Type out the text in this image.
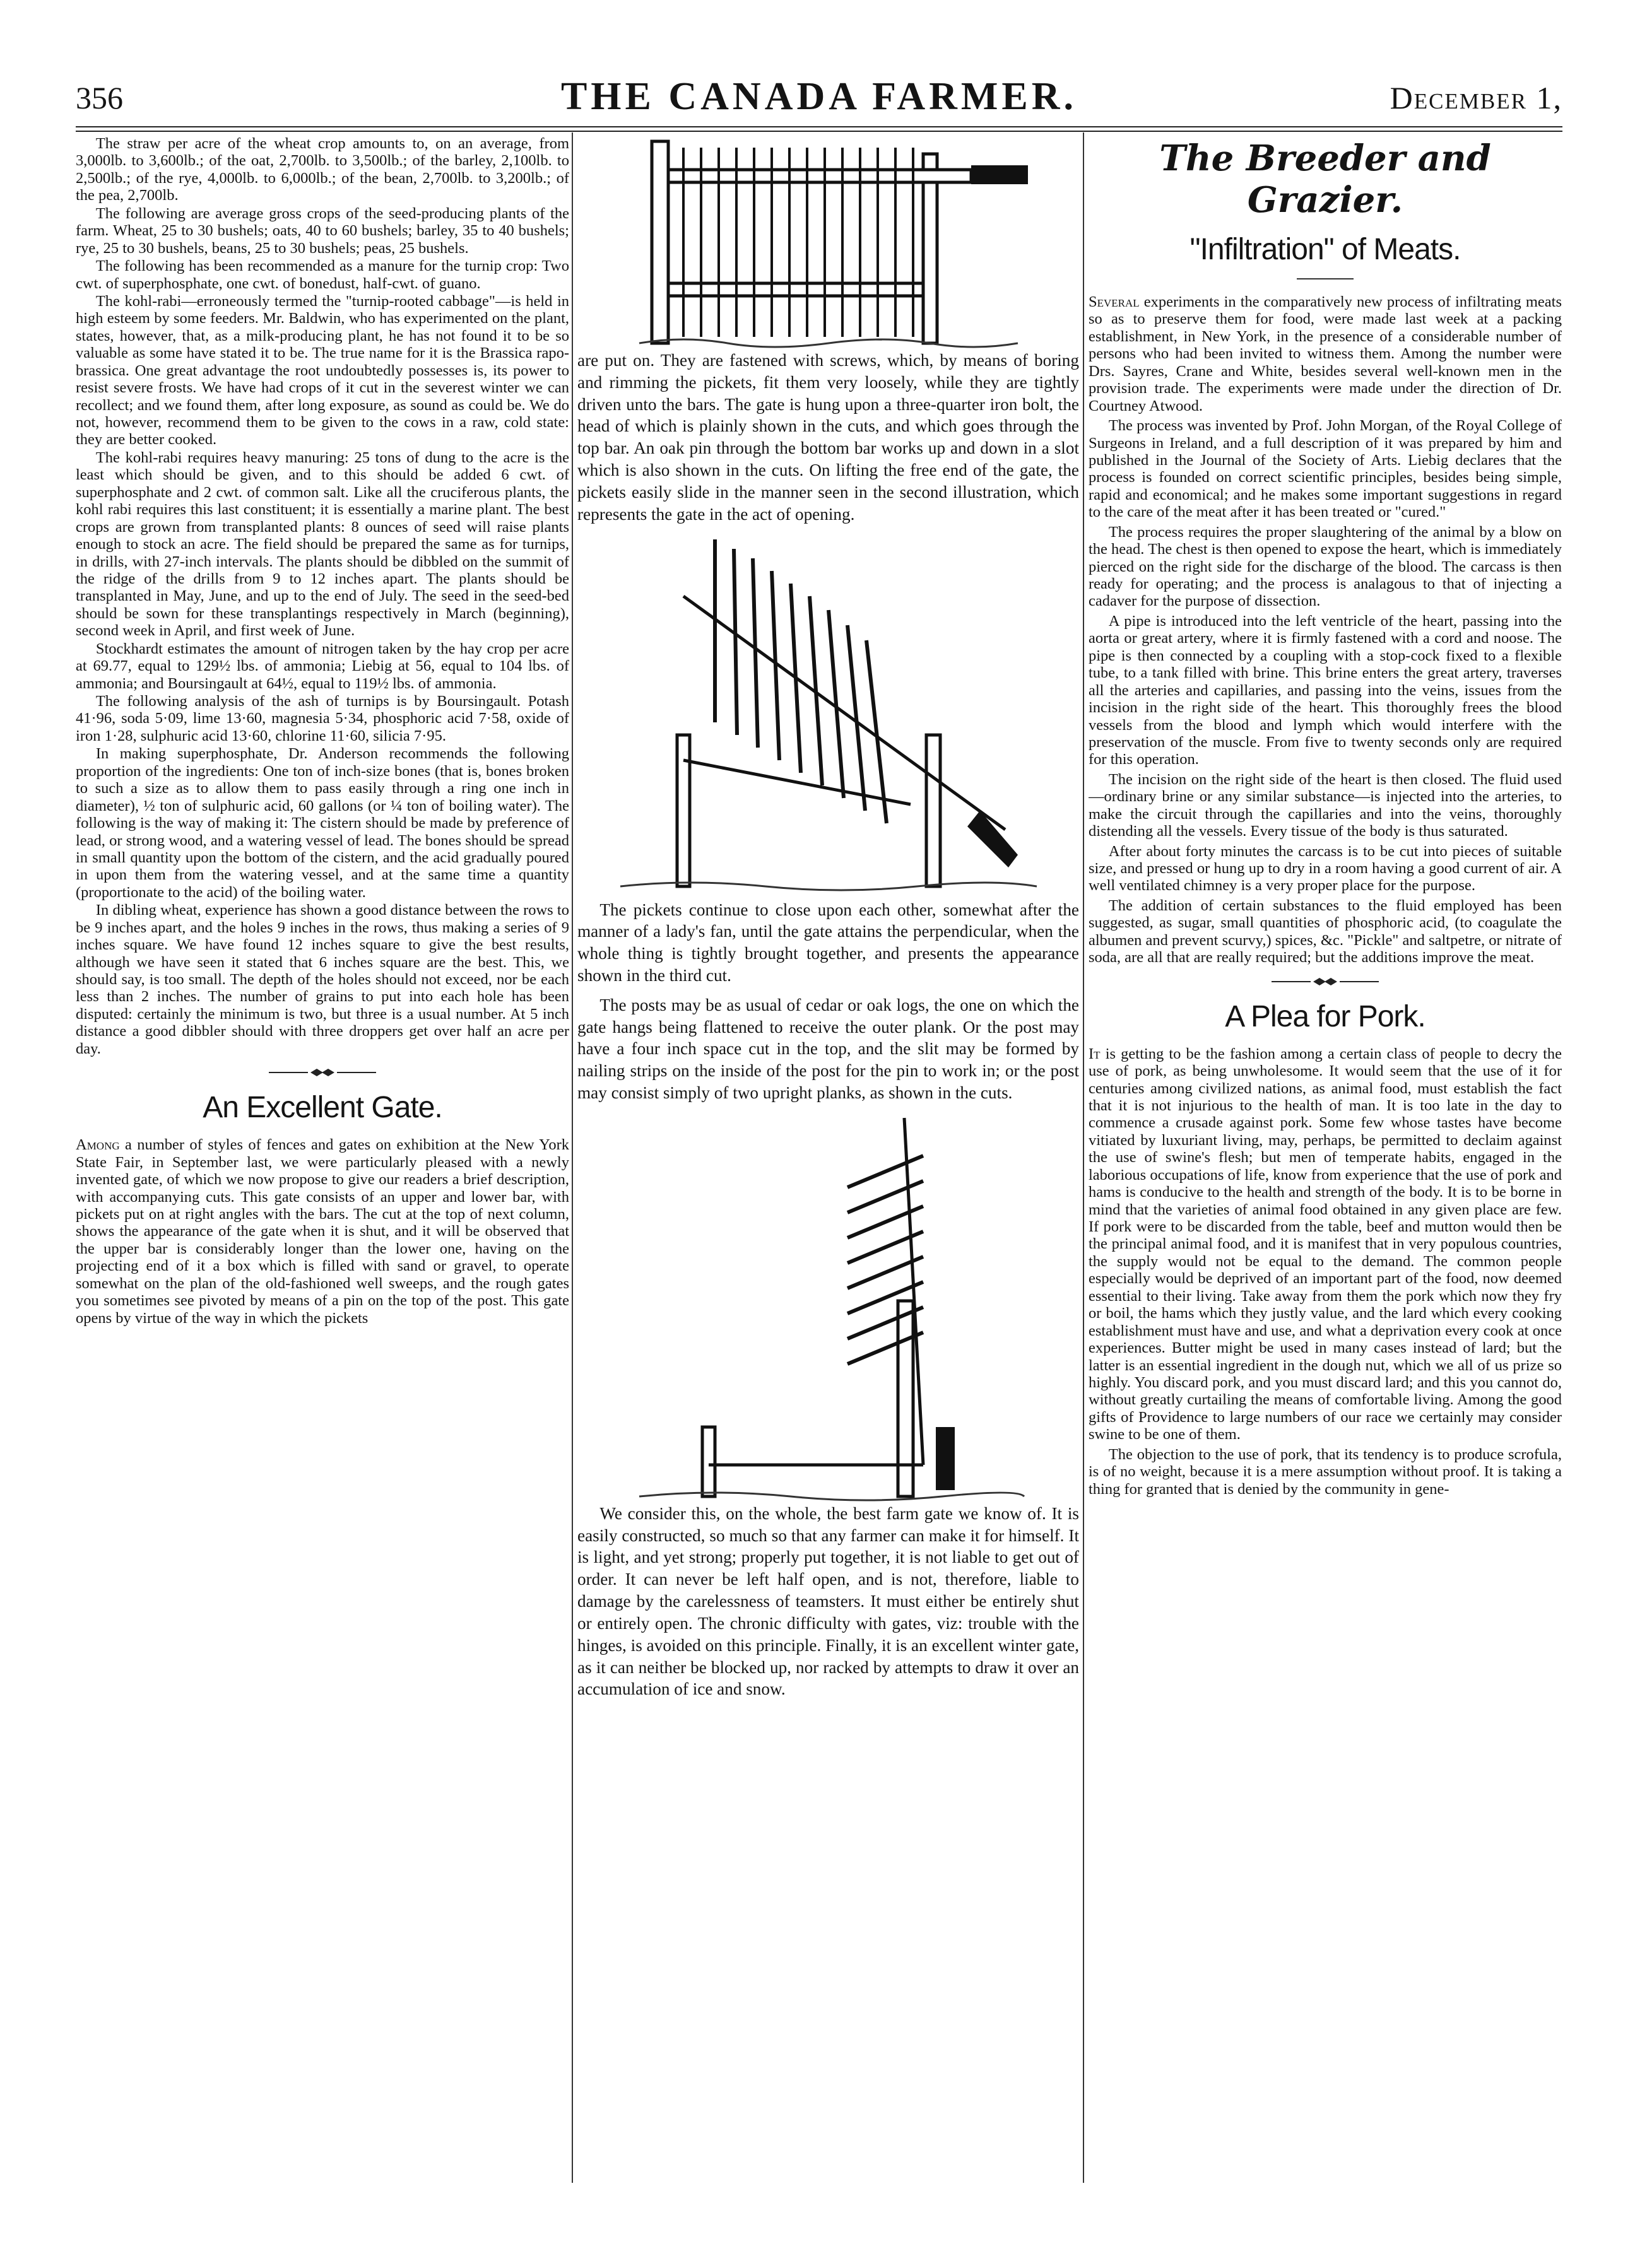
356	THE CANADA FARMER.	December 1,

The straw per acre of the wheat crop amounts to, on an average, from 3,000lb. to 3,600lb.; of the oat, 2,700lb. to 3,500lb.; of the barley, 2,100lb. to 2,500lb.; of the rye, 4,000lb. to 6,000lb.; of the bean, 2,700lb. to 3,200lb.; of the pea, 2,700lb.

The following are average gross crops of the seed-producing plants of the farm. Wheat, 25 to 30 bushels; oats, 40 to 60 bushels; barley, 35 to 40 bushels; rye, 25 to 30 bushels, beans, 25 to 30 bushels; peas, 25 bushels.

The following has been recommended as a manure for the turnip crop: Two cwt. of superphosphate, one cwt. of bonedust, half-cwt. of guano.

The kohl-rabi—erroneously termed the "turnip-rooted cabbage"—is held in high esteem by some feeders. Mr. Baldwin, who has experimented on the plant, states, however, that, as a milk-producing plant, he has not found it to be so valuable as some have stated it to be. The true name for it is the Brassica rapo-brassica. One great advantage the root undoubtedly possesses is, its power to resist severe frosts. We have had crops of it cut in the severest winter we can recollect; and we found them, after long exposure, as sound as could be. We do not, however, recommend them to be given to the cows in a raw, cold state: they are better cooked.

The kohl-rabi requires heavy manuring: 25 tons of dung to the acre is the least which should be given, and to this should be added 6 cwt. of superphosphate and 2 cwt. of common salt. Like all the cruciferous plants, the kohl rabi requires this last constituent; it is essentially a marine plant. The best crops are grown from transplanted plants: 8 ounces of seed will raise plants enough to stock an acre. The field should be prepared the same as for turnips, in drills, with 27-inch intervals. The plants should be dibbled on the summit of the ridge of the drills from 9 to 12 inches apart. The plants should be transplanted in May, June, and up to the end of July. The seed in the seed-bed should be sown for these transplantings respectively in March (beginning), second week in April, and first week of June.

Stockhardt estimates the amount of nitrogen taken by the hay crop per acre at 69.77, equal to 129½ lbs. of ammonia; Liebig at 56, equal to 104 lbs. of ammonia; and Boursingault at 64½, equal to 119½ lbs. of ammonia.

The following analysis of the ash of turnips is by Boursingault. Potash 41·96, soda 5·09, lime 13·60, magnesia 5·34, phosphoric acid 7·58, oxide of iron 1·28, sulphuric acid 13·60, chlorine 11·60, silicia 7·95.

In making superphosphate, Dr. Anderson recommends the following proportion of the ingredients: One ton of inch-size bones (that is, bones broken to such a size as to allow them to pass easily through a ring one inch in diameter), ½ ton of sulphuric acid, 60 gallons (or ¼ ton of boiling water). The following is the way of making it: The cistern should be made by preference of lead, or strong wood, and a watering vessel of lead. The bones should be spread in small quantity upon the bottom of the cistern, and the acid gradually poured in upon them from the watering vessel, and at the same time a quantity (proportionate to the acid) of the boiling water.

In dibling wheat, experience has shown a good distance between the rows to be 9 inches apart, and the holes 9 inches in the rows, thus making a series of 9 inches square. We have found 12 inches square to give the best results, although we have seen it stated that 6 inches square are the best. This, we should say, is too small. The depth of the holes should not exceed, nor be each less than 2 inches. The number of grains to put into each hole has been disputed: certainly the minimum is two, but three is a usual number. At 5 inch distance a good dibbler should with three droppers get over half an acre per day.

An Excellent Gate.

Among a number of styles of fences and gates on exhibition at the New York State Fair, in September last, we were particularly pleased with a newly invented gate, of which we now propose to give our readers a brief description, with accompanying cuts. This gate consists of an upper and lower bar, with pickets put on at right angles with the bars. The cut at the top of next column, shows the appearance of the gate when it is shut, and it will be observed that the upper bar is considerably longer than the lower one, having on the projecting end of it a box which is filled with sand or gravel, to operate somewhat on the plan of the old-fashioned well sweeps, and the rough gates you sometimes see pivoted by means of a pin on the top of the post. This gate opens by virtue of the way in which the pickets

are put on. They are fastened with screws, which, by means of boring and rimming the pickets, fit them very loosely, while they are tightly driven unto the bars. The gate is hung upon a three-quarter iron bolt, the head of which is plainly shown in the cuts, and which goes through the top bar. An oak pin through the bottom bar works up and down in a slot which is also shown in the cuts. On lifting the free end of the gate, the pickets easily slide in the manner seen in the second illustration, which represents the gate in the act of opening.

The pickets continue to close upon each other, somewhat after the manner of a lady's fan, until the gate attains the perpendicular, when the whole thing is tightly brought together, and presents the appearance shown in the third cut.

The posts may be as usual of cedar or oak logs, the one on which the gate hangs being flattened to receive the outer plank. Or the post may have a four inch space cut in the top, and the slit may be formed by nailing strips on the inside of the post for the pin to work in; or the post may consist simply of two upright planks, as shown in the cuts.

We consider this, on the whole, the best farm gate we know of. It is easily constructed, so much so that any farmer can make it for himself. It is light, and yet strong; properly put together, it is not liable to get out of order. It can never be left half open, and is not, therefore, liable to damage by the carelessness of teamsters. It must either be entirely shut or entirely open. The chronic difficulty with gates, viz: trouble with the hinges, is avoided on this principle. Finally, it is an excellent winter gate, as it can neither be blocked up, nor racked by attempts to draw it over an accumulation of ice and snow.

The Breeder and Grazier.
"Infiltration" of Meats.

Several experiments in the comparatively new process of infiltrating meats so as to preserve them for food, were made last week at a packing establishment, in New York, in the presence of a considerable number of persons who had been invited to witness them. Among the number were Drs. Sayres, Crane and White, besides several well-known men in the provision trade. The experiments were made under the direction of Dr. Courtney Atwood.

The process was invented by Prof. John Morgan, of the Royal College of Surgeons in Ireland, and a full description of it was prepared by him and published in the Journal of the Society of Arts. Liebig declares that the process is founded on correct scientific principles, besides being simple, rapid and economical; and he makes some important suggestions in regard to the care of the meat after it has been treated or "cured."

The process requires the proper slaughtering of the animal by a blow on the head. The chest is then opened to expose the heart, which is immediately pierced on the right side for the discharge of the blood. The carcass is then ready for operating; and the process is analagous to that of injecting a cadaver for the purpose of dissection.

A pipe is introduced into the left ventricle of the heart, passing into the aorta or great artery, where it is firmly fastened with a cord and noose. The pipe is then connected by a coupling with a stop-cock fixed to a flexible tube, to a tank filled with brine. This brine enters the great artery, traverses all the arteries and capillaries, and passing into the veins, issues from the incision in the right side of the heart. This thoroughly frees the blood vessels from the blood and lymph which would interfere with the preservation of the muscle. From five to twenty seconds only are required for this operation.

The incision on the right side of the heart is then closed. The fluid used—ordinary brine or any similar substance—is injected into the arteries, to make the circuit through the capillaries and into the veins, thoroughly distending all the vessels. Every tissue of the body is thus saturated.

After about forty minutes the carcass is to be cut into pieces of suitable size, and pressed or hung up to dry in a room having a good current of air. A well ventilated chimney is a very proper place for the purpose.

The addition of certain substances to the fluid employed has been suggested, as sugar, small quantities of phosphoric acid, (to coagulate the albumen and prevent scurvy,) spices, &c. "Pickle" and saltpetre, or nitrate of soda, are all that are really required; but the additions improve the meat.

A Plea for Pork.

It is getting to be the fashion among a certain class of people to decry the use of pork, as being unwholesome. It would seem that the use of it for centuries among civilized nations, as animal food, must establish the fact that it is not injurious to the health of man. It is too late in the day to commence a crusade against pork. Some few whose tastes have become vitiated by luxuriant living, may, perhaps, be permitted to declaim against the use of swine's flesh; but men of temperate habits, engaged in the laborious occupations of life, know from experience that the use of pork and hams is conducive to the health and strength of the body. It is to be borne in mind that the varieties of animal food obtained in any given place are few. If pork were to be discarded from the table, beef and mutton would then be the principal animal food, and it is manifest that in very populous countries, the supply would not be equal to the demand. The common people especially would be deprived of an important part of the food, now deemed essential to their living. Take away from them the pork which now they fry or boil, the hams which they justly value, and the lard which every cooking establishment must have and use, and what a deprivation every cook at once experiences. Butter might be used in many cases instead of lard; but the latter is an essential ingredient in the dough nut, which we all of us prize so highly. You discard pork, and you must discard lard; and this you cannot do, without greatly curtailing the means of comfortable living. Among the good gifts of Providence to large numbers of our race we certainly may consider swine to be one of them.

The objection to the use of pork, that its tendency is to produce scrofula, is of no weight, because it is a mere assumption without proof. It is taking a thing for granted that is denied by the community in gene-
